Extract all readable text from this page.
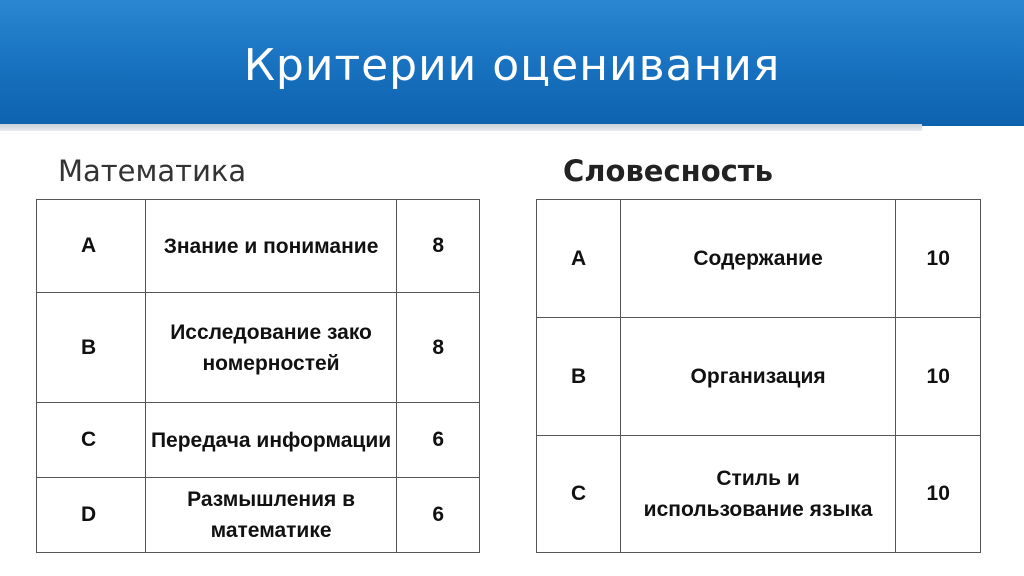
Критерии оценивания
Математика	Словесность
A	Знание и понимание	8
B	Исследование закономерностей	8
C	Передача информации	6
D	Размышления в математике	6
A	Содержание	10
B	Организация	10
C	Стиль и использование языка	10
